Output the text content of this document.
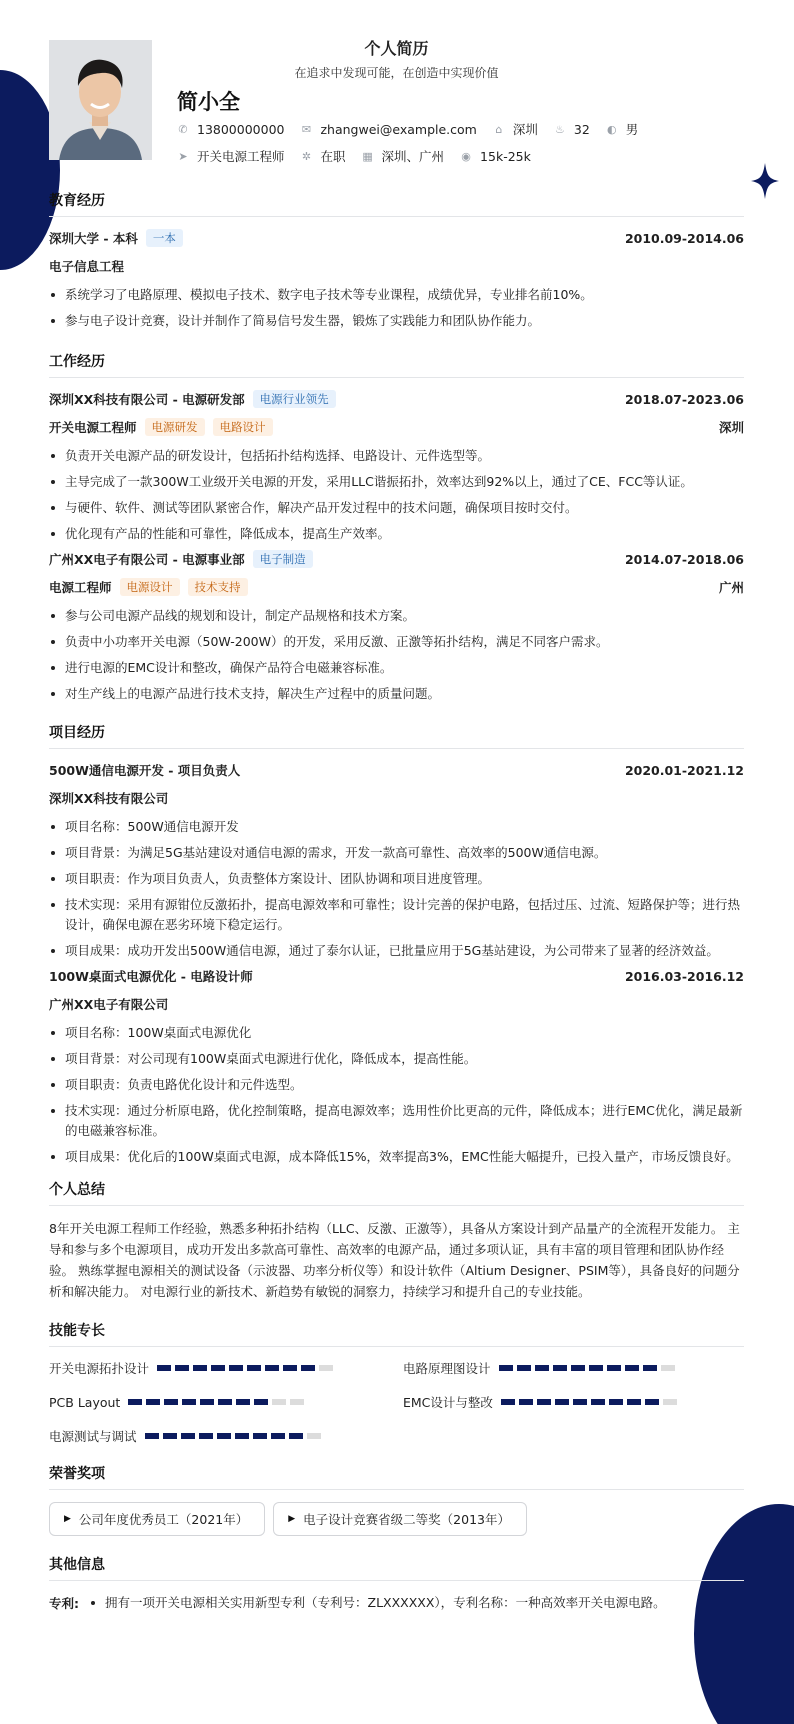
个人简历
在追求中发现可能，在创造中实现价值
简小全
✆ 13800000000 ✉ zhangwei@example.com ⌂ 深圳 ♨ 32 ◐ 男
➤ 开关电源工程师 ✲ 在职 ▦ 深圳、广州 ◉ 15k-25k
教育经历
深圳大学 - 本科	一本	2010.09-2014.06
电子信息工程
系统学习了电路原理、模拟电子技术、数字电子技术等专业课程，成绩优异，专业排名前10%。
参与电子设计竞赛，设计并制作了简易信号发生器，锻炼了实践能力和团队协作能力。
工作经历
深圳XX科技有限公司 - 电源研发部	电源行业领先	2018.07-2023.06
开关电源工程师	电源研发	电路设计	深圳
负责开关电源产品的研发设计，包括拓扑结构选择、电路设计、元件选型等。
主导完成了一款300W工业级开关电源的开发，采用LLC谐振拓扑，效率达到92%以上，通过了CE、FCC等认证。
与硬件、软件、测试等团队紧密合作，解决产品开发过程中的技术问题，确保项目按时交付。
优化现有产品的性能和可靠性，降低成本，提高生产效率。
广州XX电子有限公司 - 电源事业部	电子制造	2014.07-2018.06
电源工程师	电源设计	技术支持	广州
参与公司电源产品线的规划和设计，制定产品规格和技术方案。
负责中小功率开关电源（50W-200W）的开发，采用反激、正激等拓扑结构，满足不同客户需求。
进行电源的EMC设计和整改，确保产品符合电磁兼容标准。
对生产线上的电源产品进行技术支持，解决生产过程中的质量问题。
项目经历
500W通信电源开发 - 项目负责人	2020.01-2021.12
深圳XX科技有限公司
项目名称：500W通信电源开发
项目背景：为满足5G基站建设对通信电源的需求，开发一款高可靠性、高效率的500W通信电源。
项目职责：作为项目负责人，负责整体方案设计、团队协调和项目进度管理。
技术实现：采用有源钳位反激拓扑，提高电源效率和可靠性；设计完善的保护电路，包括过压、过流、短路保护等；进行热设计，确保电源在恶劣环境下稳定运行。
项目成果：成功开发出500W通信电源，通过了泰尔认证，已批量应用于5G基站建设，为公司带来了显著的经济效益。
100W桌面式电源优化 - 电路设计师	2016.03-2016.12
广州XX电子有限公司
项目名称：100W桌面式电源优化
项目背景：对公司现有100W桌面式电源进行优化，降低成本，提高性能。
项目职责：负责电路优化设计和元件选型。
技术实现：通过分析原电路，优化控制策略，提高电源效率；选用性价比更高的元件，降低成本；进行EMC优化，满足最新的电磁兼容标准。
项目成果：优化后的100W桌面式电源，成本降低15%，效率提高3%，EMC性能大幅提升，已投入量产，市场反馈良好。
个人总结
8年开关电源工程师工作经验，熟悉多种拓扑结构（LLC、反激、正激等），具备从方案设计到产品量产的全流程开发能力。 主导和参与多个电源项目，成功开发出多款高可靠性、高效率的电源产品，通过多项认证，具有丰富的项目管理和团队协作经验。 熟练掌握电源相关的测试设备（示波器、功率分析仪等）和设计软件（Altium Designer、PSIM等），具备良好的问题分析和解决能力。 对电源行业的新技术、新趋势有敏锐的洞察力，持续学习和提升自己的专业技能。
技能专长
开关电源拓扑设计	电路原理图设计
PCB Layout	EMC设计与整改
电源测试与调试
荣誉奖项
▶ 公司年度优秀员工（2021年）	▶ 电子设计竞赛省级二等奖（2013年）
其他信息
专利:	拥有一项开关电源相关实用新型专利（专利号：ZLXXXXXX），专利名称：一种高效率开关电源电路。
